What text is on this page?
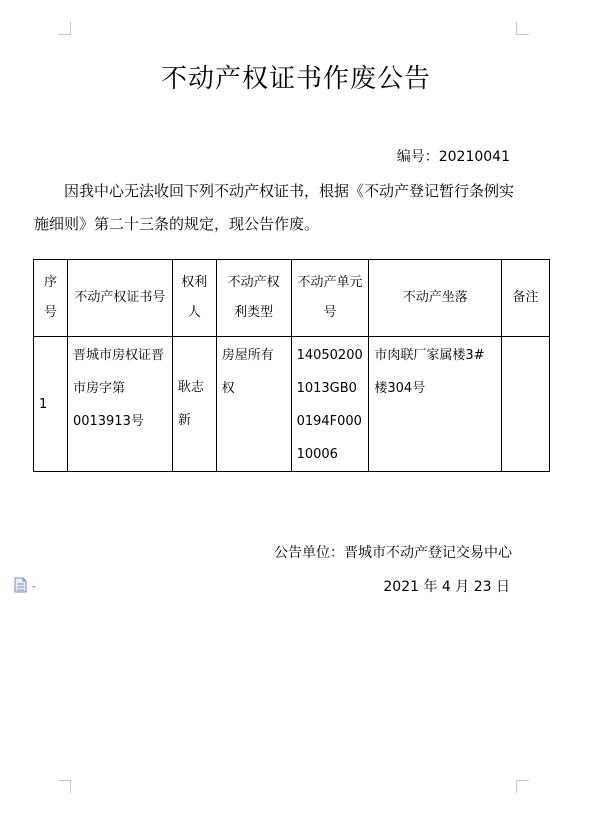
不动产权证书作废公告
编号：20210041
因我中心无法收回下列不动产权证书，根据《不动产登记暂行条例实施细则》第二十三条的规定，现公告作废。
序号	不动产权证书号	权利人	不动产权利类型	不动产单元号	不动产坐落	备注
1	晋城市房权证晋市房字第0013913号	耿志新	房屋所有权	140502001013GB00194F00010006	市肉联厂家属楼3#楼304号	
公告单位：晋城市不动产登记交易中心
2021 年 4 月 23 日
